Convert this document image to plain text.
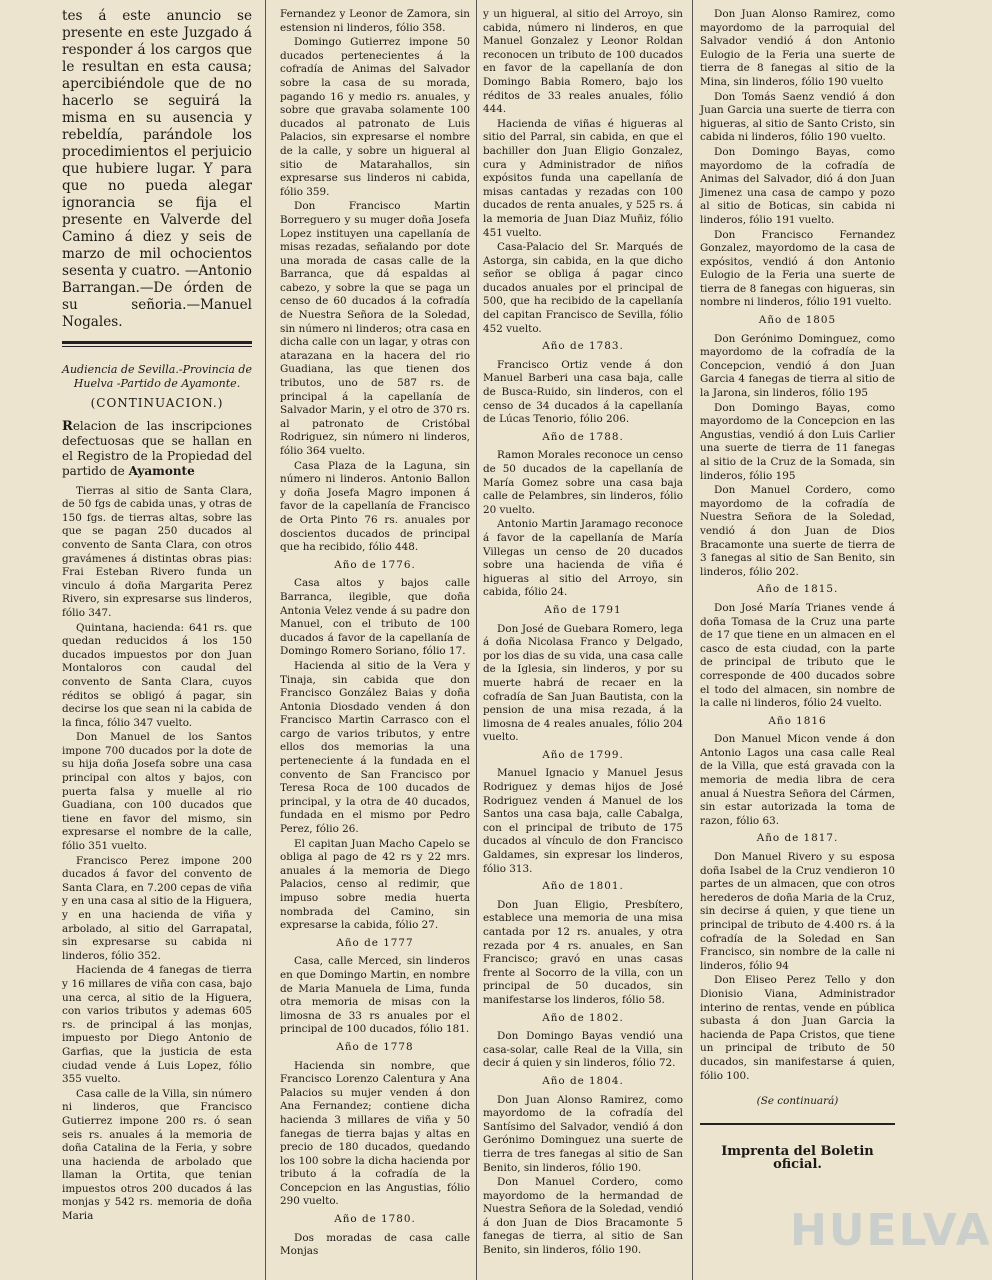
tes á este anuncio se presente en este Juzgado á responder á los cargos que le resultan en esta causa; apercibiéndole que de no hacerlo se seguirá la misma en su ausencia y rebeldía, parándole los procedimientos el perjuicio que hubiere lugar. Y para que no pueda alegar ignorancia se fija el presente en Valverde del Camino á diez y seis de marzo de mil ochocientos sesenta y cuatro. —Antonio Barrangan.—De órden de su señoria.—Manuel Nogales.

Audiencia de Sevilla.-Provincia de Huelva -Partido de Ayamonte.
(CONTINUACION.)

Relacion de las inscripciones defectuosas que se hallan en el Registro de la Propiedad del partido de Ayamonte

Tierras al sitio de Santa Clara, de 50 fgs de cabida unas, y otras de 150 fgs. de tierras altas, sobre las que se pagan 250 ducados al convento de Santa Clara, con otros gravámenes á distintas obras pias: Frai Esteban Rivero funda un vinculo á doña Margarita Perez Rivero, sin expresarse sus linderos, fólio 347.

Quintana, hacienda: 641 rs. que quedan reducidos á los 150 ducados impuestos por don Juan Montaloros con caudal del convento de Santa Clara, cuyos réditos se obligó á pagar, sin decirse los que sean ni la cabida de la finca, fólio 347 vuelto.

Don Manuel de los Santos impone 700 ducados por la dote de su hija doña Josefa sobre una casa principal con altos y bajos, con puerta falsa y muelle al rio Guadiana, con 100 ducados que tiene en favor del mismo, sin expresarse el nombre de la calle, fólio 351 vuelto.

Francisco Perez impone 200 ducados á favor del convento de Santa Clara, en 7.200 cepas de viña y en una casa al sitio de la Higuera, y en una hacienda de viña y arbolado, al sitio del Garrapatal, sin expresarse su cabida ni linderos, fólio 352.

Hacienda de 4 fanegas de tierra y 16 millares de viña con casa, bajo una cerca, al sitio de la Higuera, con varios tributos y ademas 605 rs. de principal á las monjas, impuesto por Diego Antonio de Garfias, que la justicia de esta ciudad vende á Luis Lopez, fólio 355 vuelto.

Casa calle de la Villa, sin número ni linderos, que Francisco Gutierrez impone 200 rs. ó sean seis rs. anuales á la memoria de doña Catalina de la Feria, y sobre una hacienda de arbolado que llaman la Ortita, que tenian impuestos otros 200 ducados á las monjas y 542 rs. memoria de doña Maria

Fernandez y Leonor de Zamora, sin estension ni linderos, fólio 358.

Domingo Gutierrez impone 50 ducados pertenecientes á la cofradía de Animas del Salvador sobre la casa de su morada, pagando 16 y medio rs. anuales, y sobre que gravaba solamente 100 ducados al patronato de Luis Palacios, sin expresarse el nombre de la calle, y sobre un higueral al sitio de Matarahallos, sin expresarse sus linderos ni cabida, fólio 359.

Don Francisco Martin Borreguero y su muger doña Josefa Lopez instituyen una capellanía de misas rezadas, señalando por dote una morada de casas calle de la Barranca, que dá espaldas al cabezo, y sobre la que se paga un censo de 60 ducados á la cofradía de Nuestra Señora de la Soledad, sin número ni linderos; otra casa en dicha calle con un lagar, y otras con atarazana en la hacera del rio Guadiana, las que tienen dos tributos, uno de 587 rs. de principal á la capellanía de Salvador Marin, y el otro de 370 rs. al patronato de Cristóbal Rodriguez, sin número ni linderos, fólio 364 vuelto.

Casa Plaza de la Laguna, sin número ni linderos. Antonio Ballon y doña Josefa Magro imponen á favor de la capellanía de Francisco de Orta Pinto 76 rs. anuales por doscientos ducados de principal que ha recibido, fólio 448.

Año de 1776.

Casa altos y bajos calle Barranca, ilegible, que doña Antonia Velez vende á su padre don Manuel, con el tributo de 100 ducados á favor de la capellanía de Domingo Romero Soriano, fólio 17.

Hacienda al sitio de la Vera y Tinaja, sin cabida que don Francisco González Baias y doña Antonia Diosdado venden á don Francisco Martin Carrasco con el cargo de varios tributos, y entre ellos dos memorias la una perteneciente á la fundada en el convento de San Francisco por Teresa Roca de 100 ducados de principal, y la otra de 40 ducados, fundada en el mismo por Pedro Perez, fólio 26.

El capitan Juan Macho Capelo se obliga al pago de 42 rs y 22 mrs. anuales á la memoria de Diego Palacios, censo al redimir, que impuso sobre media huerta nombrada del Camino, sin expresarse la cabida, fólio 27.

Año de 1777

Casa, calle Merced, sin linderos en que Domingo Martin, en nombre de Maria Manuela de Lima, funda otra memoria de misas con la limosna de 33 rs anuales por el principal de 100 ducados, fólio 181.

Año de 1778

Hacienda sin nombre, que Francisco Lorenzo Calentura y Ana Palacios su mujer venden á don Ana Fernandez; contiene dicha hacienda 3 millares de viña y 50 fanegas de tierra bajas y altas en precio de 180 ducados, quedando los 100 sobre la dicha hacienda por tributo á la cofradía de la Concepcion en las Angustias, fólio 290 vuelto.

Año de 1780.

Dos moradas de casa calle Monjas

y un higueral, al sitio del Arroyo, sin cabida, número ni linderos, en que Manuel Gonzalez y Leonor Roldan reconocen un tributo de 100 ducados en favor de la capellanía de don Domingo Babia Romero, bajo los réditos de 33 reales anuales, fólio 444.

Hacienda de viñas é higueras al sitio del Parral, sin cabida, en que el bachiller don Juan Eligio Gonzalez, cura y Administrador de niños expósitos funda una capellanía de misas cantadas y rezadas con 100 ducados de renta anuales, y 525 rs. á la memoria de Juan Diaz Muñiz, fólio 451 vuelto.

Casa-Palacio del Sr. Marqués de Astorga, sin cabida, en la que dicho señor se obliga á pagar cinco ducados anuales por el principal de 500, que ha recibido de la capellanía del capitan Francisco de Sevilla, fólio 452 vuelto.

Año de 1783.

Francisco Ortiz vende á don Manuel Barberi una casa baja, calle de Busca-Ruido, sin linderos, con el censo de 34 ducados á la capellanía de Lúcas Tenorio, fólio 206.

Año de 1788.

Ramon Morales reconoce un censo de 50 ducados de la capellanía de María Gomez sobre una casa baja calle de Pelambres, sin linderos, fólio 20 vuelto.

Antonio Martin Jaramago reconoce á favor de la capellanía de María Villegas un censo de 20 ducados sobre una hacienda de viña é higueras al sitio del Arroyo, sin cabida, fólio 24.

Año de 1791

Don José de Guebara Romero, lega á doña Nicolasa Franco y Delgado, por los dias de su vida, una casa calle de la Iglesia, sin linderos, y por su muerte habrá de recaer en la cofradía de San Juan Bautista, con la pension de una misa rezada, á la limosna de 4 reales anuales, fólio 204 vuelto.

Año de 1799.

Manuel Ignacio y Manuel Jesus Rodriguez y demas hijos de José Rodriguez venden á Manuel de los Santos una casa baja, calle Cabalga, con el principal de tributo de 175 ducados al vínculo de don Francisco Galdames, sin expresar los linderos, fólio 313.

Año de 1801.

Don Juan Eligio, Presbítero, establece una memoria de una misa cantada por 12 rs. anuales, y otra rezada por 4 rs. anuales, en San Francisco; gravó en unas casas frente al Socorro de la villa, con un principal de 50 ducados, sin manifestarse los linderos, fólio 58.

Año de 1802.

Don Domingo Bayas vendió una casa-solar, calle Real de la Villa, sin decir á quien y sin linderos, fólio 72.

Año de 1804.

Don Juan Alonso Ramirez, como mayordomo de la cofradía del Santísimo del Salvador, vendió á don Gerónimo Dominguez una suerte de tierra de tres fanegas al sitio de San Benito, sin linderos, fólio 190.

Don Manuel Cordero, como mayordomo de la hermandad de Nuestra Señora de la Soledad, vendió á don Juan de Dios Bracamonte 5 fanegas de tierra, al sitio de San Benito, sin linderos, fólio 190.

Don Juan Alonso Ramirez, como mayordomo de la parroquial del Salvador vendió á don Antonio Eulogio de la Feria una suerte de tierra de 8 fanegas al sitio de la Mina, sin linderos, fólio 190 vuelto

Don Tomás Saenz vendió á don Juan Garcia una suerte de tierra con higueras, al sitio de Santo Cristo, sin cabida ni linderos, fólio 190 vuelto.

Don Domingo Bayas, como mayordomo de la cofradía de Animas del Salvador, dió á don Juan Jimenez una casa de campo y pozo al sitio de Boticas, sin cabida ni linderos, fólio 191 vuelto.

Don Francisco Fernandez Gonzalez, mayordomo de la casa de expósitos, vendió á don Antonio Eulogio de la Feria una suerte de tierra de 8 fanegas con higueras, sin nombre ni linderos, fólio 191 vuelto.

Año de 1805

Don Gerónimo Dominguez, como mayordomo de la cofradía de la Concepcion, vendió á don Juan Garcia 4 fanegas de tierra al sitio de la Jarona, sin linderos, fólio 195

Don Domingo Bayas, como mayordomo de la Concepcion en las Angustias, vendió á don Luis Carlier una suerte de tierra de 11 fanegas al sitio de la Cruz de la Somada, sin linderos, fólio 195

Don Manuel Cordero, como mayordomo de la cofradía de Nuestra Señora de la Soledad, vendió á don Juan de Dios Bracamonte una suerte de tierra de 3 fanegas al sitio de San Benito, sin linderos, fólio 202.

Año de 1815.

Don José María Trianes vende á doña Tomasa de la Cruz una parte de 17 que tiene en un almacen en el casco de esta ciudad, con la parte de principal de tributo que le corresponde de 400 ducados sobre el todo del almacen, sin nombre de la calle ni linderos, fólio 24 vuelto.

Año 1816

Don Manuel Micon vende á don Antonio Lagos una casa calle Real de la Villa, que está gravada con la memoria de media libra de cera anual á Nuestra Señora del Cármen, sin estar autorizada la toma de razon, fólio 63.

Año de 1817.

Don Manuel Rivero y su esposa doña Isabel de la Cruz vendieron 10 partes de un almacen, que con otros herederos de doña Maria de la Cruz, sin decirse á quien, y que tiene un principal de tributo de 4.400 rs. á la cofradía de la Soledad en San Francisco, sin nombre de la calle ni linderos, fólio 94

Don Eliseo Perez Tello y don Dionisio Viana, Administrador interino de rentas, vende en pública subasta á don Juan Garcia la hacienda de Papa Cristos, que tiene un principal de tributo de 50 ducados, sin manifestarse á quien, fólio 100.

(Se continuará)
Imprenta del Boletin oficial.
HUELVA
